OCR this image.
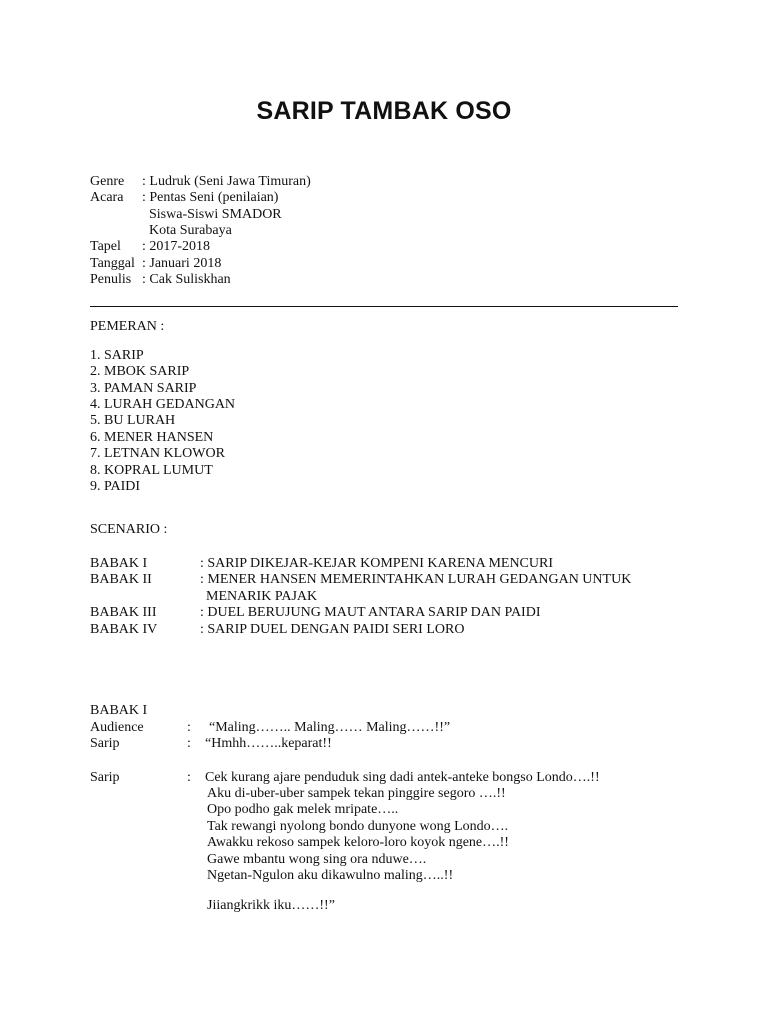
SARIP TAMBAK OSO
Genre : Ludruk (Seni Jawa Timuran)
Acara : Pentas Seni (penilaian)
Siswa-Siswi SMADOR
Kota Surabaya
Tapel : 2017-2018
Tanggal : Januari 2018
Penulis : Cak Suliskhan
PEMERAN :
1. SARIP
2. MBOK SARIP
3. PAMAN SARIP
4. LURAH GEDANGAN
5. BU LURAH
6. MENER HANSEN
7. LETNAN KLOWOR
8. KOPRAL LUMUT
9. PAIDI
SCENARIO :
BABAK I	: SARIP DIKEJAR-KEJAR KOMPENI KARENA MENCURI
BABAK II	: MENER HANSEN MEMERINTAHKAN LURAH GEDANGAN UNTUK
MENARIK PAJAK
BABAK III	: DUEL BERUJUNG MAUT ANTARA SARIP DAN PAIDI
BABAK IV	: SARIP DUEL DENGAN PAIDI SERI LORO
BABAK I
Audience	: “Maling…….. Maling…… Maling……!!”
Sarip	: “Hmhh……..keparat!!
Sarip	: Cek kurang ajare penduduk sing dadi antek-anteke bongso Londo….!!
Aku di-uber-uber sampek tekan pinggire segoro ….!!
Opo podho gak melek mripate…..
Tak rewangi nyolong bondo dunyone wong Londo….
Awakku rekoso sampek keloro-loro koyok ngene….!!
Gawe mbantu wong sing ora nduwe….
Ngetan-Ngulon aku dikawulno maling…..!!
Jiiangkrikk iku……!!”
